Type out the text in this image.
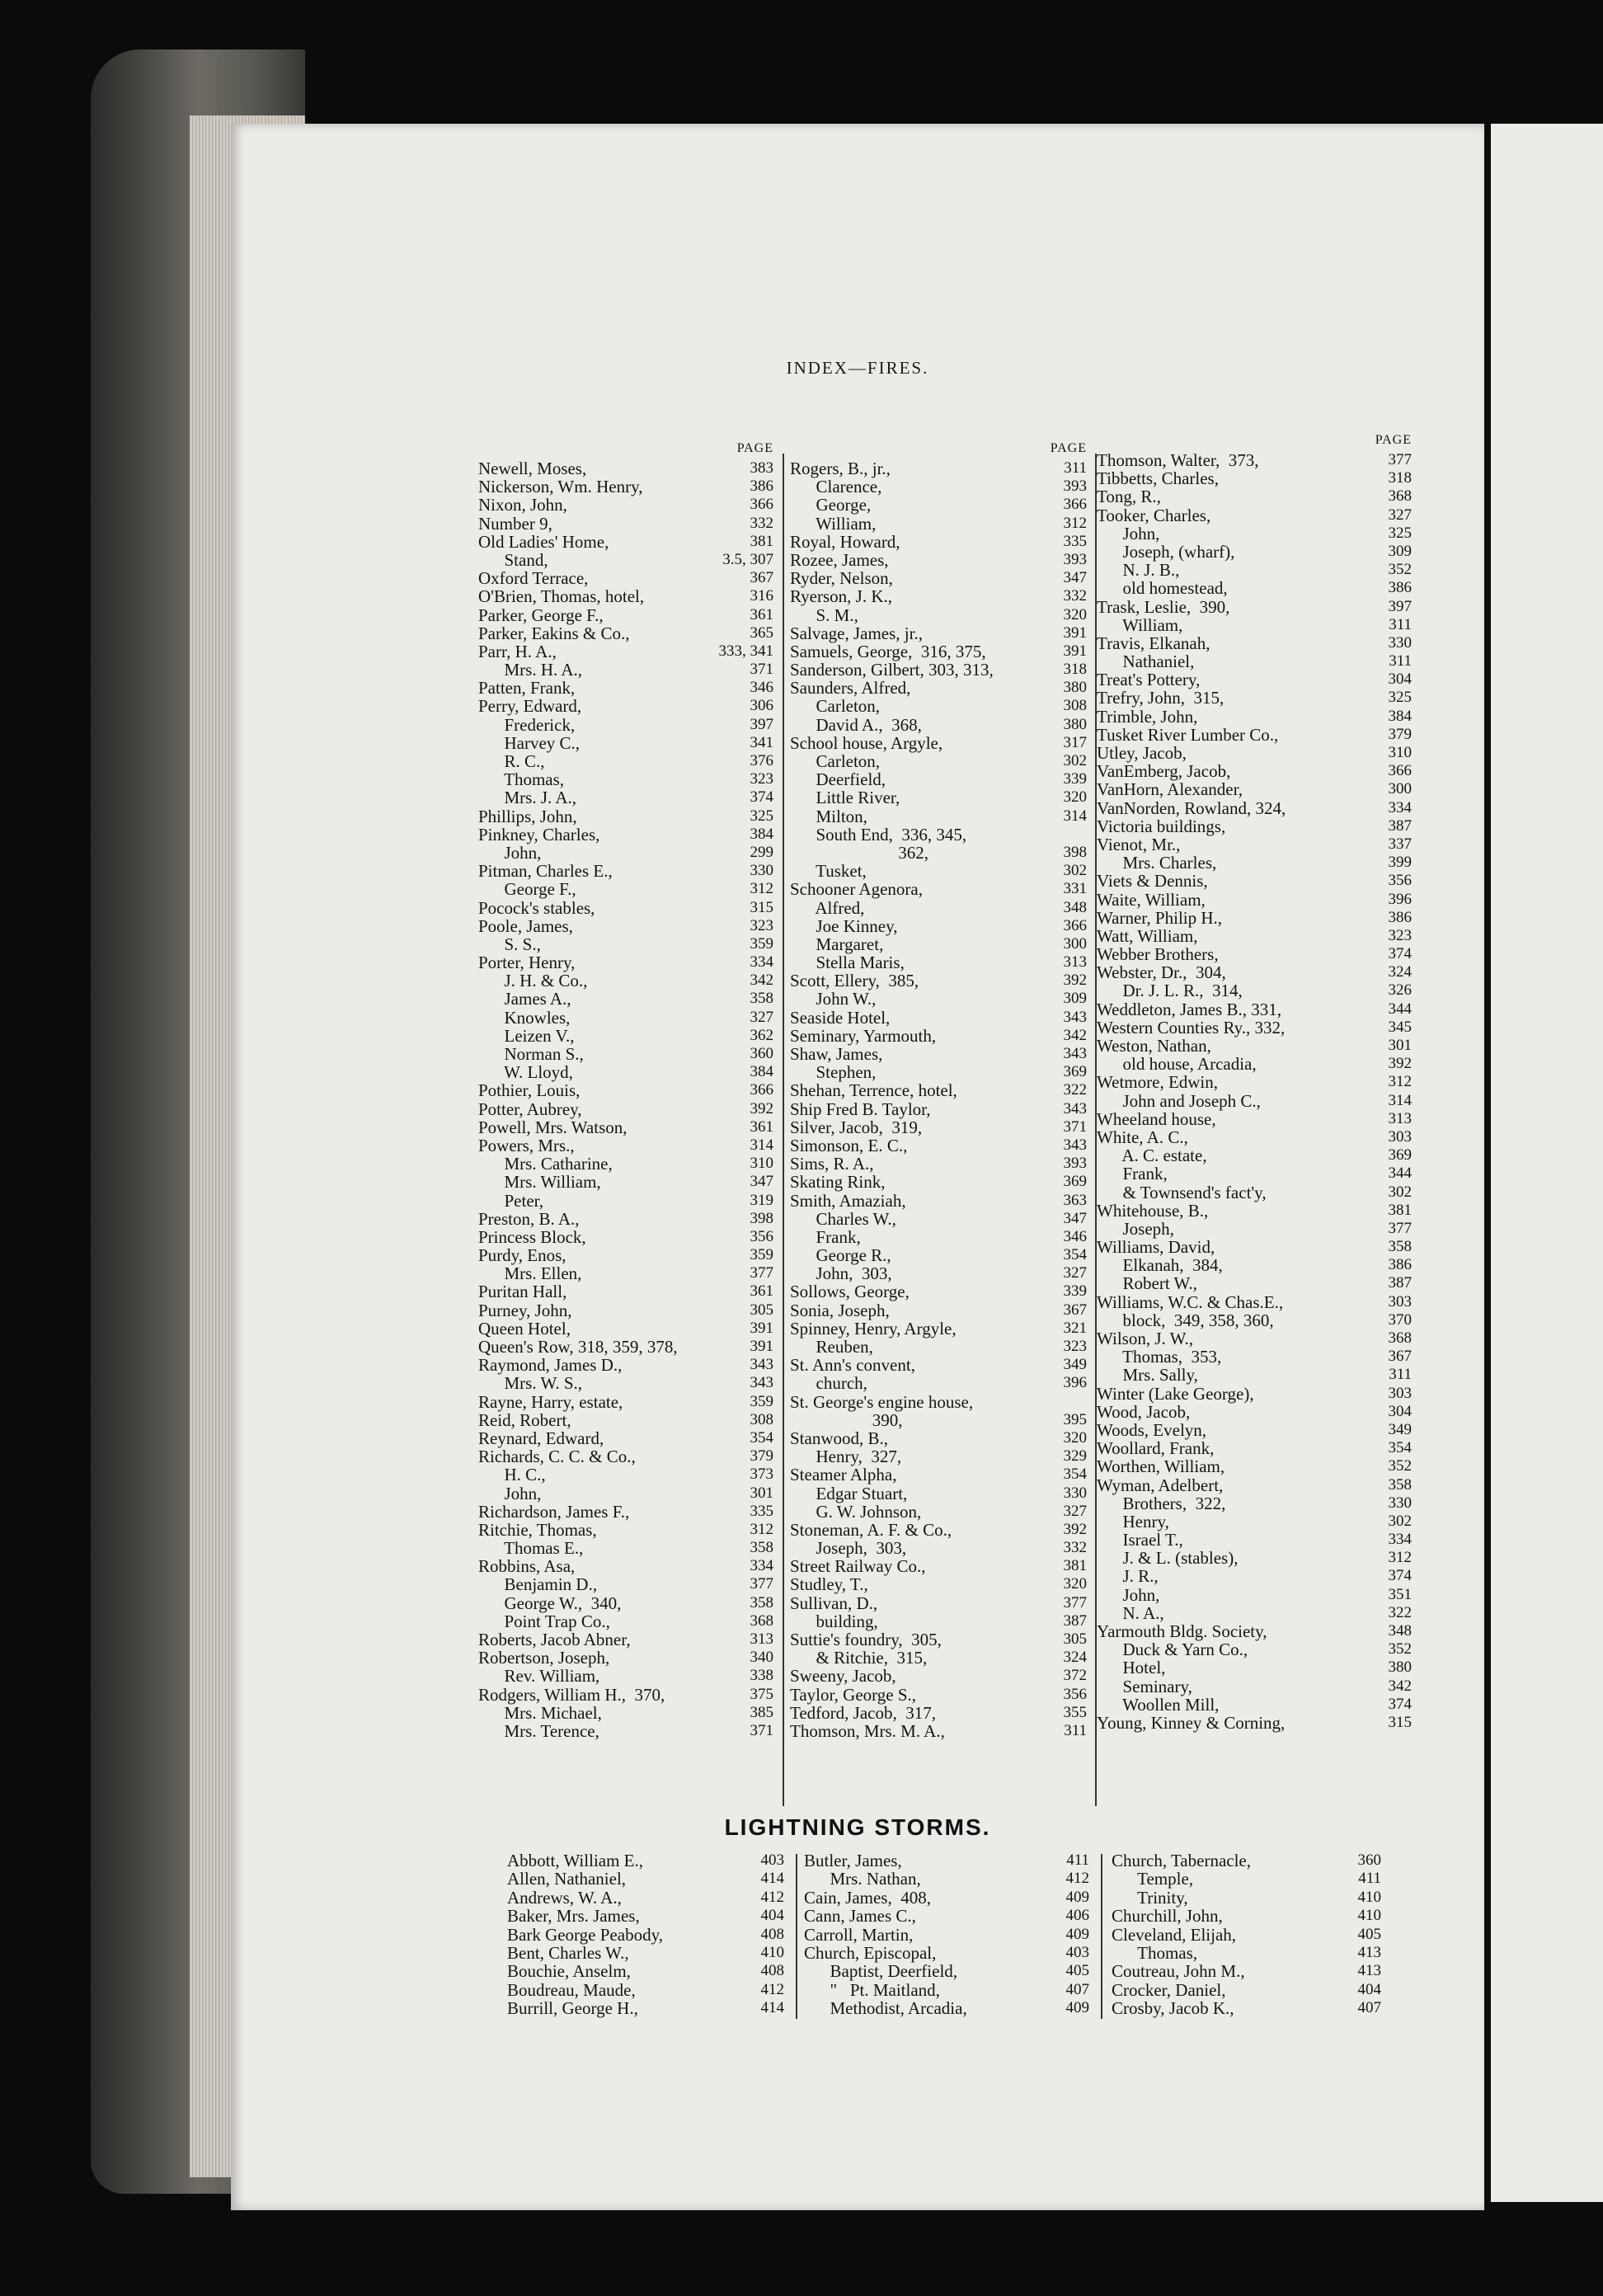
INDEX—FIRES.
PAGE
Newell, Moses,	383
Nickerson, Wm. Henry,	386
Nixon, John,	366
Number 9,	332
Old Ladies' Home,	381
Stand,	3.5, 307
Oxford Terrace,	367
O'Brien, Thomas, hotel,	316
Parker, George F.,	361
Parker, Eakins & Co.,	365
Parr, H. A.,	333, 341
Mrs. H. A.,	371
Patten, Frank,	346
Perry, Edward,	306
Frederick,	397
Harvey C.,	341
R. C.,	376
Thomas,	323
Mrs. J. A.,	374
Phillips, John,	325
Pinkney, Charles,	384
John,	299
Pitman, Charles E.,	330
George F.,	312
Pocock's stables,	315
Poole, James,	323
S. S.,	359
Porter, Henry,	334
J. H. & Co.,	342
James A.,	358
Knowles,	327
Leizen V.,	362
Norman S.,	360
W. Lloyd,	384
Pothier, Louis,	366
Potter, Aubrey,	392
Powell, Mrs. Watson,	361
Powers, Mrs.,	314
Mrs. Catharine,	310
Mrs. William,	347
Peter,	319
Preston, B. A.,	398
Princess Block,	356
Purdy, Enos,	359
Mrs. Ellen,	377
Puritan Hall,	361
Purney, John,	305
Queen Hotel,	391
Queen's Row, 318, 359, 378,	391
Raymond, James D.,	343
Mrs. W. S.,	343
Rayne, Harry, estate,	359
Reid, Robert,	308
Reynard, Edward,	354
Richards, C. C. & Co.,	379
H. C.,	373
John,	301
Richardson, James F.,	335
Ritchie, Thomas,	312
Thomas E.,	358
Robbins, Asa,	334
Benjamin D.,	377
George W.,  340,	358
Point Trap Co.,	368
Roberts, Jacob Abner,	313
Robertson, Joseph,	340
Rev. William,	338
Rodgers, William H.,  370,	375
Mrs. Michael,	385
Mrs. Terence,	371
PAGE
Rogers, B., jr.,	311
Clarence,	393
George,	366
William,	312
Royal, Howard,	335
Rozee, James,	393
Ryder, Nelson,	347
Ryerson, J. K.,	332
S. M.,	320
Salvage, James, jr.,	391
Samuels, George,  316, 375,	391
Sanderson, Gilbert, 303, 313,	318
Saunders, Alfred,	380
Carleton,	308
David A.,  368,	380
School house, Argyle,	317
Carleton,	302
Deerfield,	339
Little River,	320
Milton,	314
South End,  336, 345,
362,	398
Tusket,	302
Schooner Agenora,	331
Alfred,	348
Joe Kinney,	366
Margaret,	300
Stella Maris,	313
Scott, Ellery,  385,	392
John W.,	309
Seaside Hotel,	343
Seminary, Yarmouth,	342
Shaw, James,	343
Stephen,	369
Shehan, Terrence, hotel,	322
Ship Fred B. Taylor,	343
Silver, Jacob,  319,	371
Simonson, E. C.,	343
Sims, R. A.,	393
Skating Rink,	369
Smith, Amaziah,	363
Charles W.,	347
Frank,	346
George R.,	354
John,  303,	327
Sollows, George,	339
Sonia, Joseph,	367
Spinney, Henry, Argyle,	321
Reuben,	323
St. Ann's convent,	349
church,	396
St. George's engine house,
390,	395
Stanwood, B.,	320
Henry,  327,	329
Steamer Alpha,	354
Edgar Stuart,	330
G. W. Johnson,	327
Stoneman, A. F. & Co.,	392
Joseph,  303,	332
Street Railway Co.,	381
Studley, T.,	320
Sullivan, D.,	377
building,	387
Suttie's foundry,  305,	305
& Ritchie,  315,	324
Sweeny, Jacob,	372
Taylor, George S.,	356
Tedford, Jacob,  317,	355
Thomson, Mrs. M. A.,	311
PAGE
Thomson, Walter,  373,	377
Tibbetts, Charles,	318
Tong, R.,	368
Tooker, Charles,	327
John,	325
Joseph, (wharf),	309
N. J. B.,	352
old homestead,	386
Trask, Leslie,  390,	397
William,	311
Travis, Elkanah,	330
Nathaniel,	311
Treat's Pottery,	304
Trefry, John,  315,	325
Trimble, John,	384
Tusket River Lumber Co.,	379
Utley, Jacob,	310
VanEmberg, Jacob,	366
VanHorn, Alexander,	300
VanNorden, Rowland, 324,	334
Victoria buildings,	387
Vienot, Mr.,	337
Mrs. Charles,	399
Viets & Dennis,	356
Waite, William,	396
Warner, Philip H.,	386
Watt, William,	323
Webber Brothers,	374
Webster, Dr.,  304,	324
Dr. J. L. R.,  314,	326
Weddleton, James B., 331,	344
Western Counties Ry., 332,	345
Weston, Nathan,	301
old house, Arcadia,	392
Wetmore, Edwin,	312
John and Joseph C.,	314
Wheeland house,	313
White, A. C.,	303
A. C. estate,	369
Frank,	344
& Townsend's fact'y,	302
Whitehouse, B.,	381
Joseph,	377
Williams, David,	358
Elkanah,  384,	386
Robert W.,	387
Williams, W.C. & Chas.E.,	303
block,  349, 358, 360,	370
Wilson, J. W.,	368
Thomas,  353,	367
Mrs. Sally,	311
Winter (Lake George),	303
Wood, Jacob,	304
Woods, Evelyn,	349
Woollard, Frank,	354
Worthen, William,	352
Wyman, Adelbert,	358
Brothers,  322,	330
Henry,	302
Israel T.,	334
J. & L. (stables),	312
J. R.,	374
John,	351
N. A.,	322
Yarmouth Bldg. Society,	348
Duck & Yarn Co.,	352
Hotel,	380
Seminary,	342
Woollen Mill,	374
Young, Kinney & Corning,	315
LIGHTNING STORMS.
Abbott, William E.,	403
Allen, Nathaniel,	414
Andrews, W. A.,	412
Baker, Mrs. James,	404
Bark George Peabody,	408
Bent, Charles W.,	410
Bouchie, Anselm,	408
Boudreau, Maude,	412
Burrill, George H.,	414
Butler, James,	411
Mrs. Nathan,	412
Cain, James,  408,	409
Cann, James C.,	406
Carroll, Martin,	409
Church, Episcopal,	403
Baptist, Deerfield,	405
"   Pt. Maitland,	407
Methodist, Arcadia,	409
Church, Tabernacle,	360
Temple,	411
Trinity,	410
Churchill, John,	410
Cleveland, Elijah,	405
Thomas,	413
Coutreau, John M.,	413
Crocker, Daniel,	404
Crosby, Jacob K.,	407
